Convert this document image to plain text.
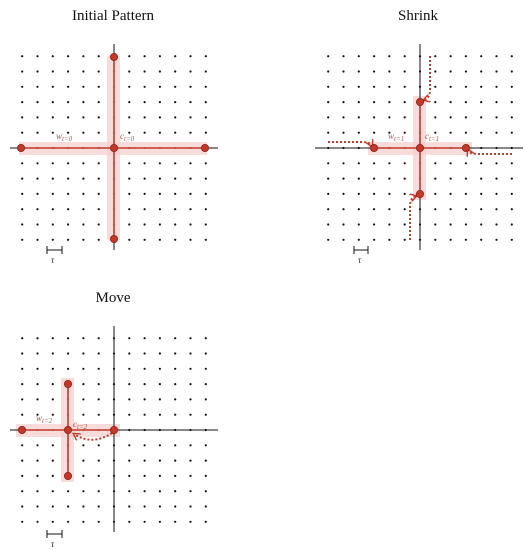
Initial Pattern	Shrink
Move
$w_{t=0}$	$c_{t=0}$
τ
$w_{t=1}$ $c_{t=1}$
τ
$w_{t=2}$ $c_{t=2}$
τ
